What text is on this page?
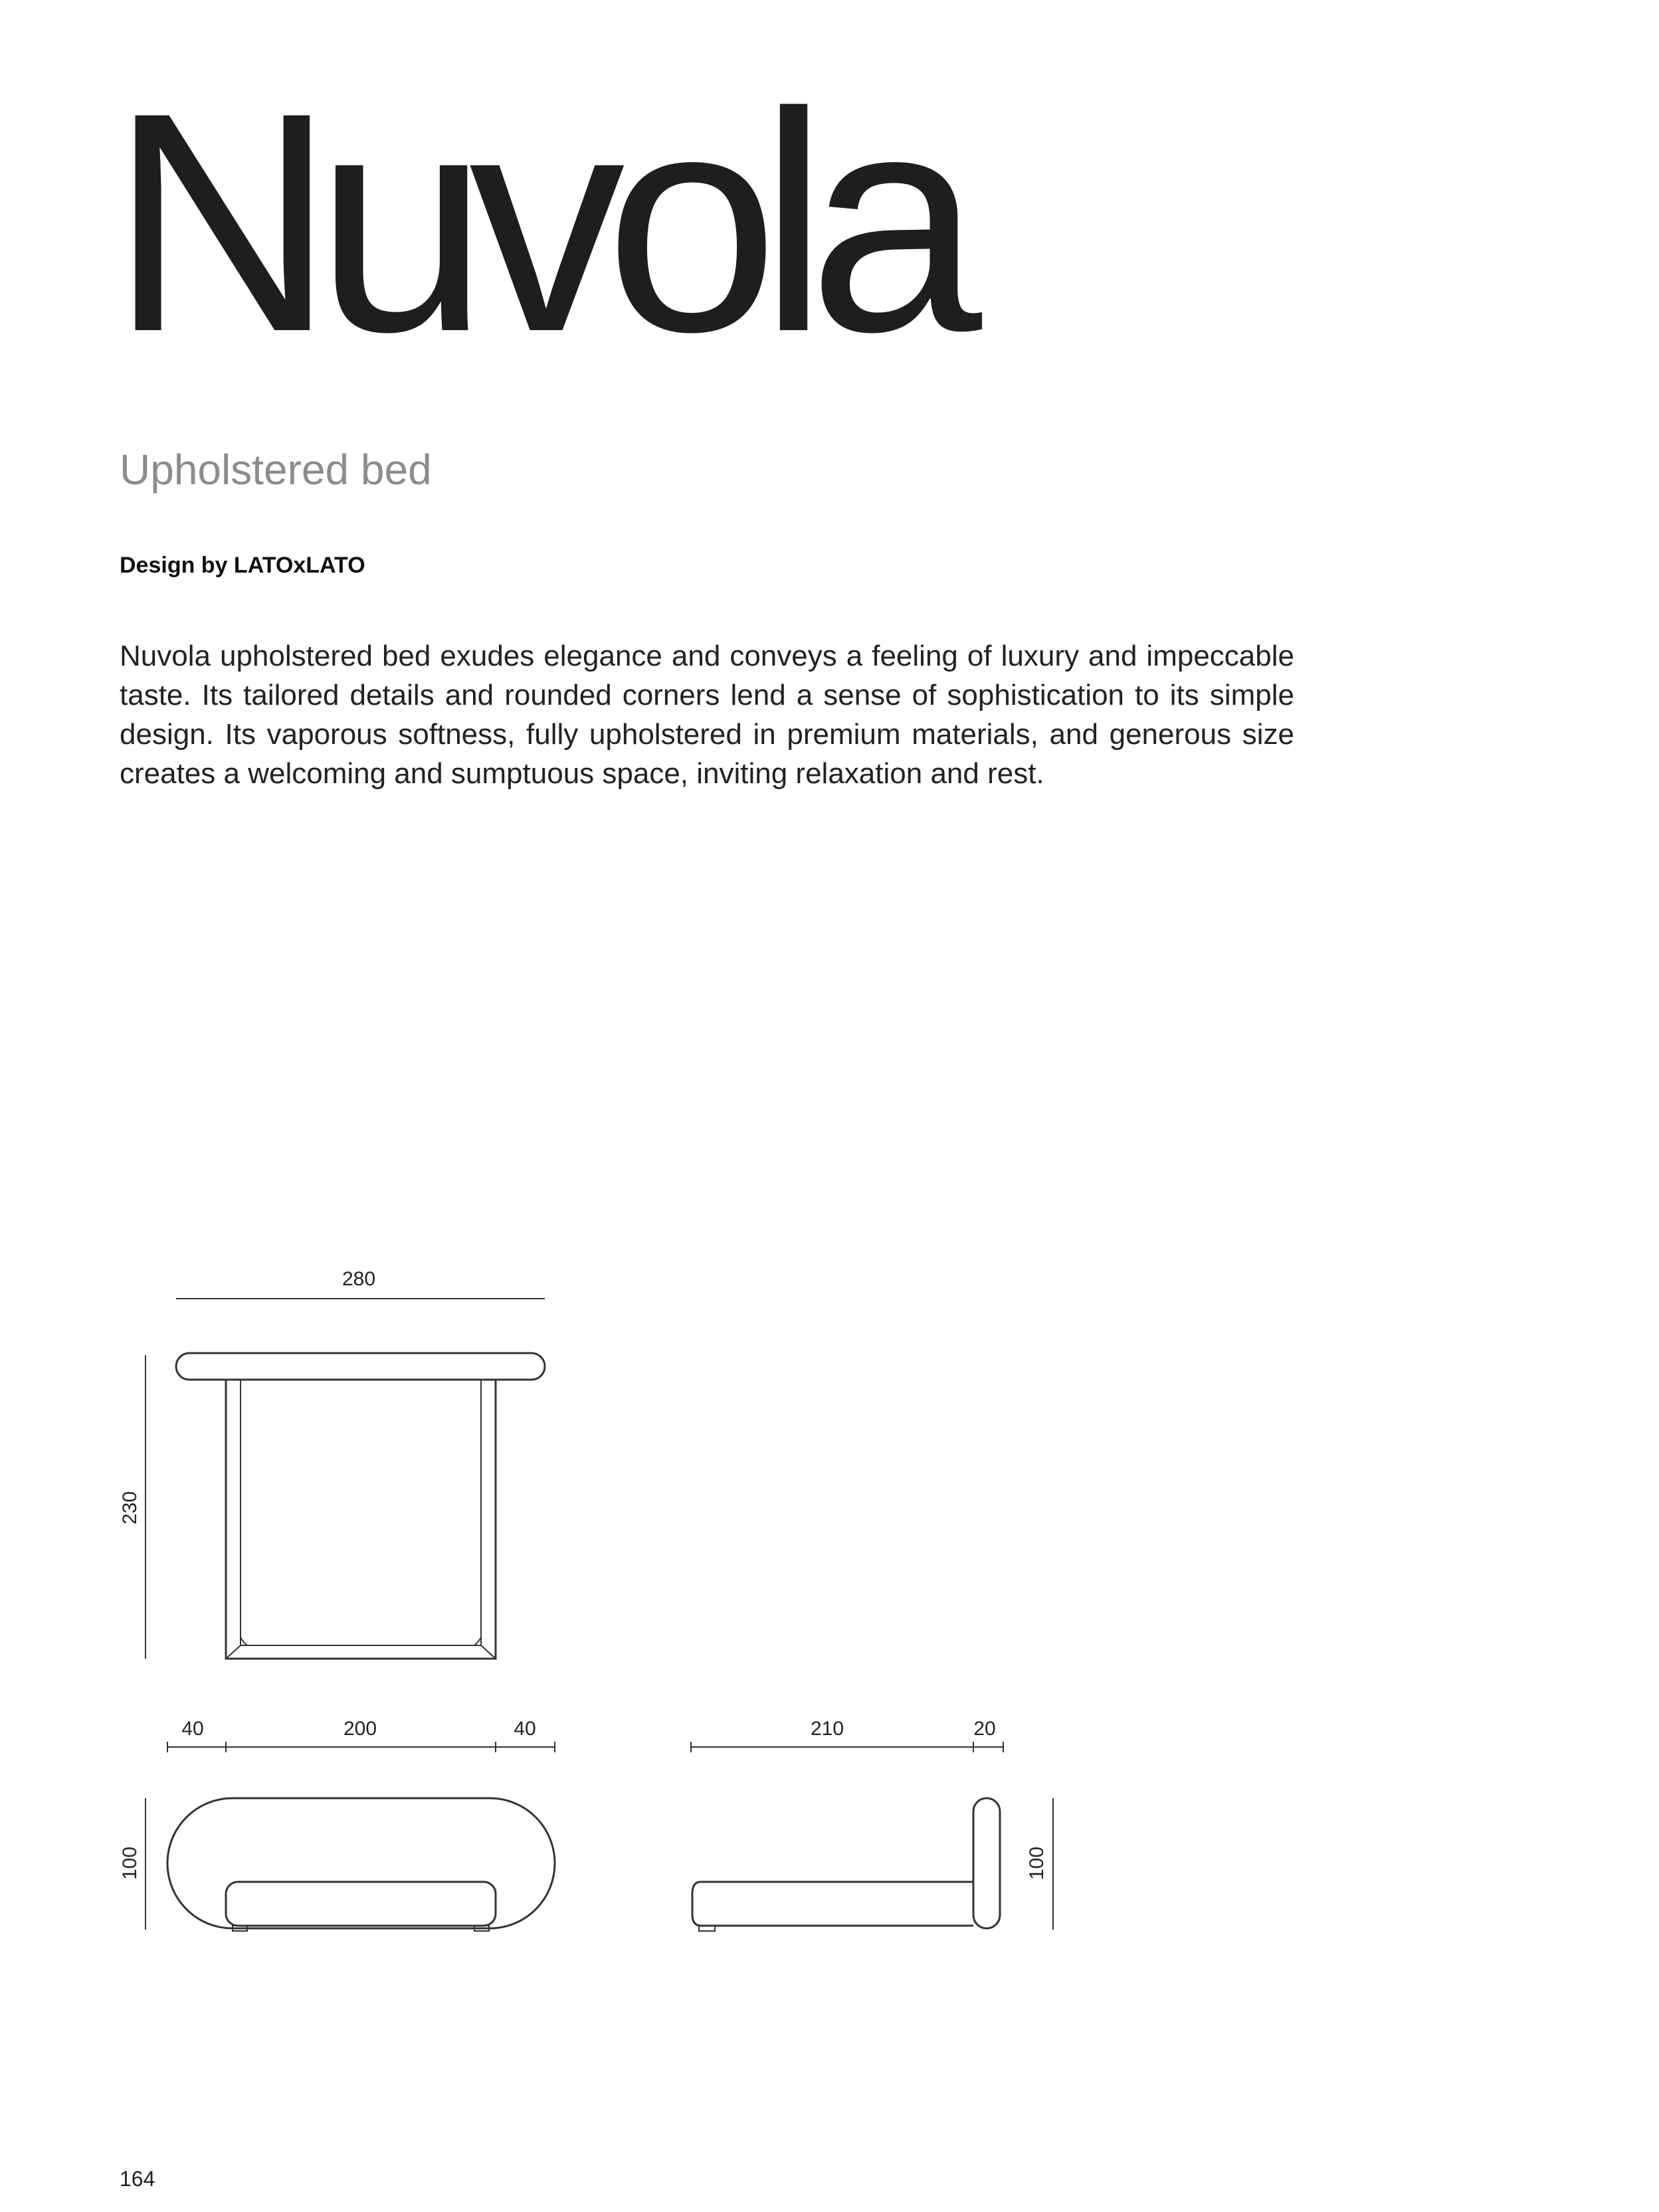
Nuvola

Upholstered bed

Design by LATOxLATO

Nuvola upholstered bed exudes elegance and conveys a feeling of luxury and impeccable taste. Its tailored details and rounded corners lend a sense of sophistication to its simple design. Its vaporous softness, fully upholstered in premium materials, and generous size creates a welcoming and sumptuous space, inviting relaxation and rest.

280
230
40	200	40
100
210	20
100

164
